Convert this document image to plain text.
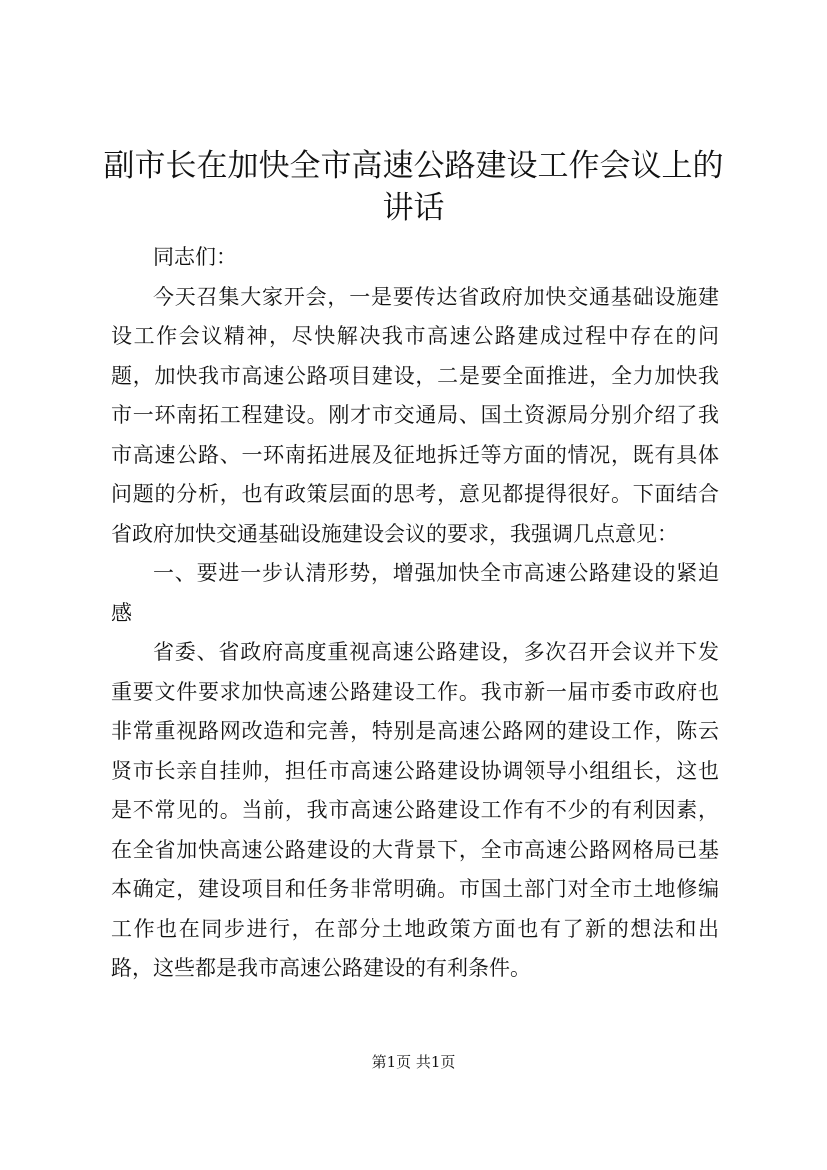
副市长在加快全市高速公路建设工作会议上的
讲话

同志们：

今天召集大家开会，一是要传达省政府加快交通基础设施建设工作会议精神，尽快解决我市高速公路建成过程中存在的问题，加快我市高速公路项目建设，二是要全面推进，全力加快我市一环南拓工程建设。刚才市交通局、国土资源局分别介绍了我市高速公路、一环南拓进展及征地拆迁等方面的情况，既有具体问题的分析，也有政策层面的思考，意见都提得很好。下面结合省政府加快交通基础设施建设会议的要求，我强调几点意见：

一、要进一步认清形势，增强加快全市高速公路建设的紧迫感

省委、省政府高度重视高速公路建设，多次召开会议并下发重要文件要求加快高速公路建设工作。我市新一届市委市政府也非常重视路网改造和完善，特别是高速公路网的建设工作，陈云贤市长亲自挂帅，担任市高速公路建设协调领导小组组长，这也是不常见的。当前，我市高速公路建设工作有不少的有利因素，在全省加快高速公路建设的大背景下，全市高速公路网格局已基本确定，建设项目和任务非常明确。市国土部门对全市土地修编工作也在同步进行，在部分土地政策方面也有了新的想法和出路，这些都是我市高速公路建设的有利条件。

第1页 共1页
